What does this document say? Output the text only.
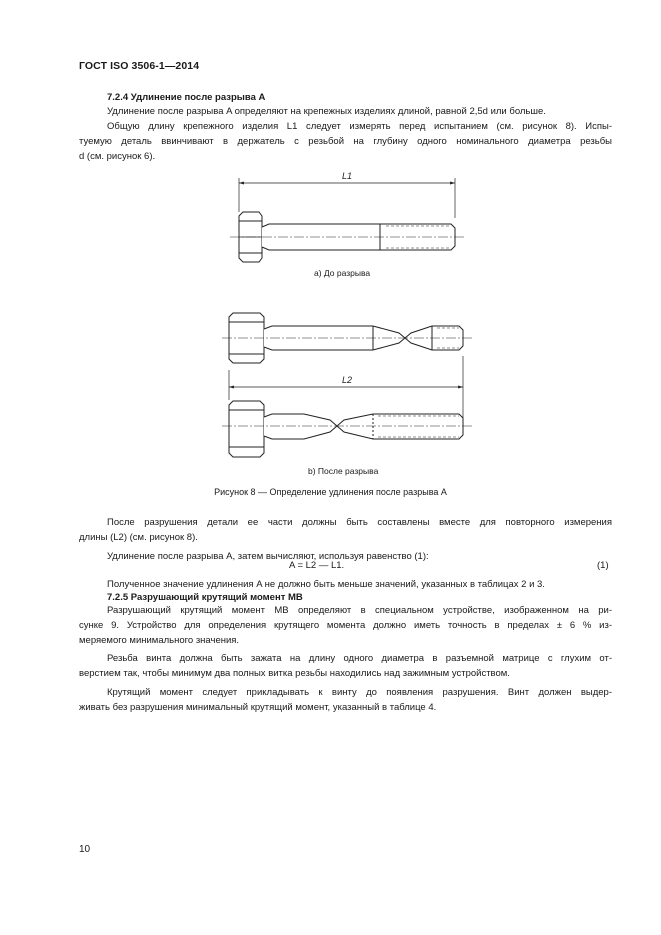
ГОСТ ISO 3506-1—2014
7.2.4 Удлинение после разрыва A
Удлинение после разрыва A определяют на крепежных изделиях длиной, равной 2,5d или больше.
Общую длину крепежного изделия L1 следует измерять перед испытанием (см. рисунок 8). Испы-
туемую деталь ввинчивают в держатель с резьбой на глубину одного номинального диаметра резьбы
d (см. рисунок 6).
L1
L2
а) До разрыва
b) После разрыва
Рисунок 8 — Определение удлинения после разрыва A
После разрушения детали ее части должны быть составлены вместе для повторного измерения
длины (L2) (см. рисунок 8).
Удлинение после разрыва A, затем вычисляют, используя равенство (1):
A = L2 — L1.	(1)
Полученное значение удлинения A не должно быть меньше значений, указанных в таблицах 2 и 3.
7.2.5 Разрушающий крутящий момент MB
Разрушающий крутящий момент MB определяют в специальном устройстве, изображенном на ри-
сунке 9. Устройство для определения крутящего момента должно иметь точность в пределах ± 6 % из-
меряемого минимального значения.
Резьба винта должна быть зажата на длину одного диаметра в разъемной матрице с глухим от-
верстием так, чтобы минимум два полных витка резьбы находились над зажимным устройством.
Крутящий момент следует прикладывать к винту до появления разрушения. Винт должен выдер-
живать без разрушения минимальный крутящий момент, указанный в таблице 4.
10
